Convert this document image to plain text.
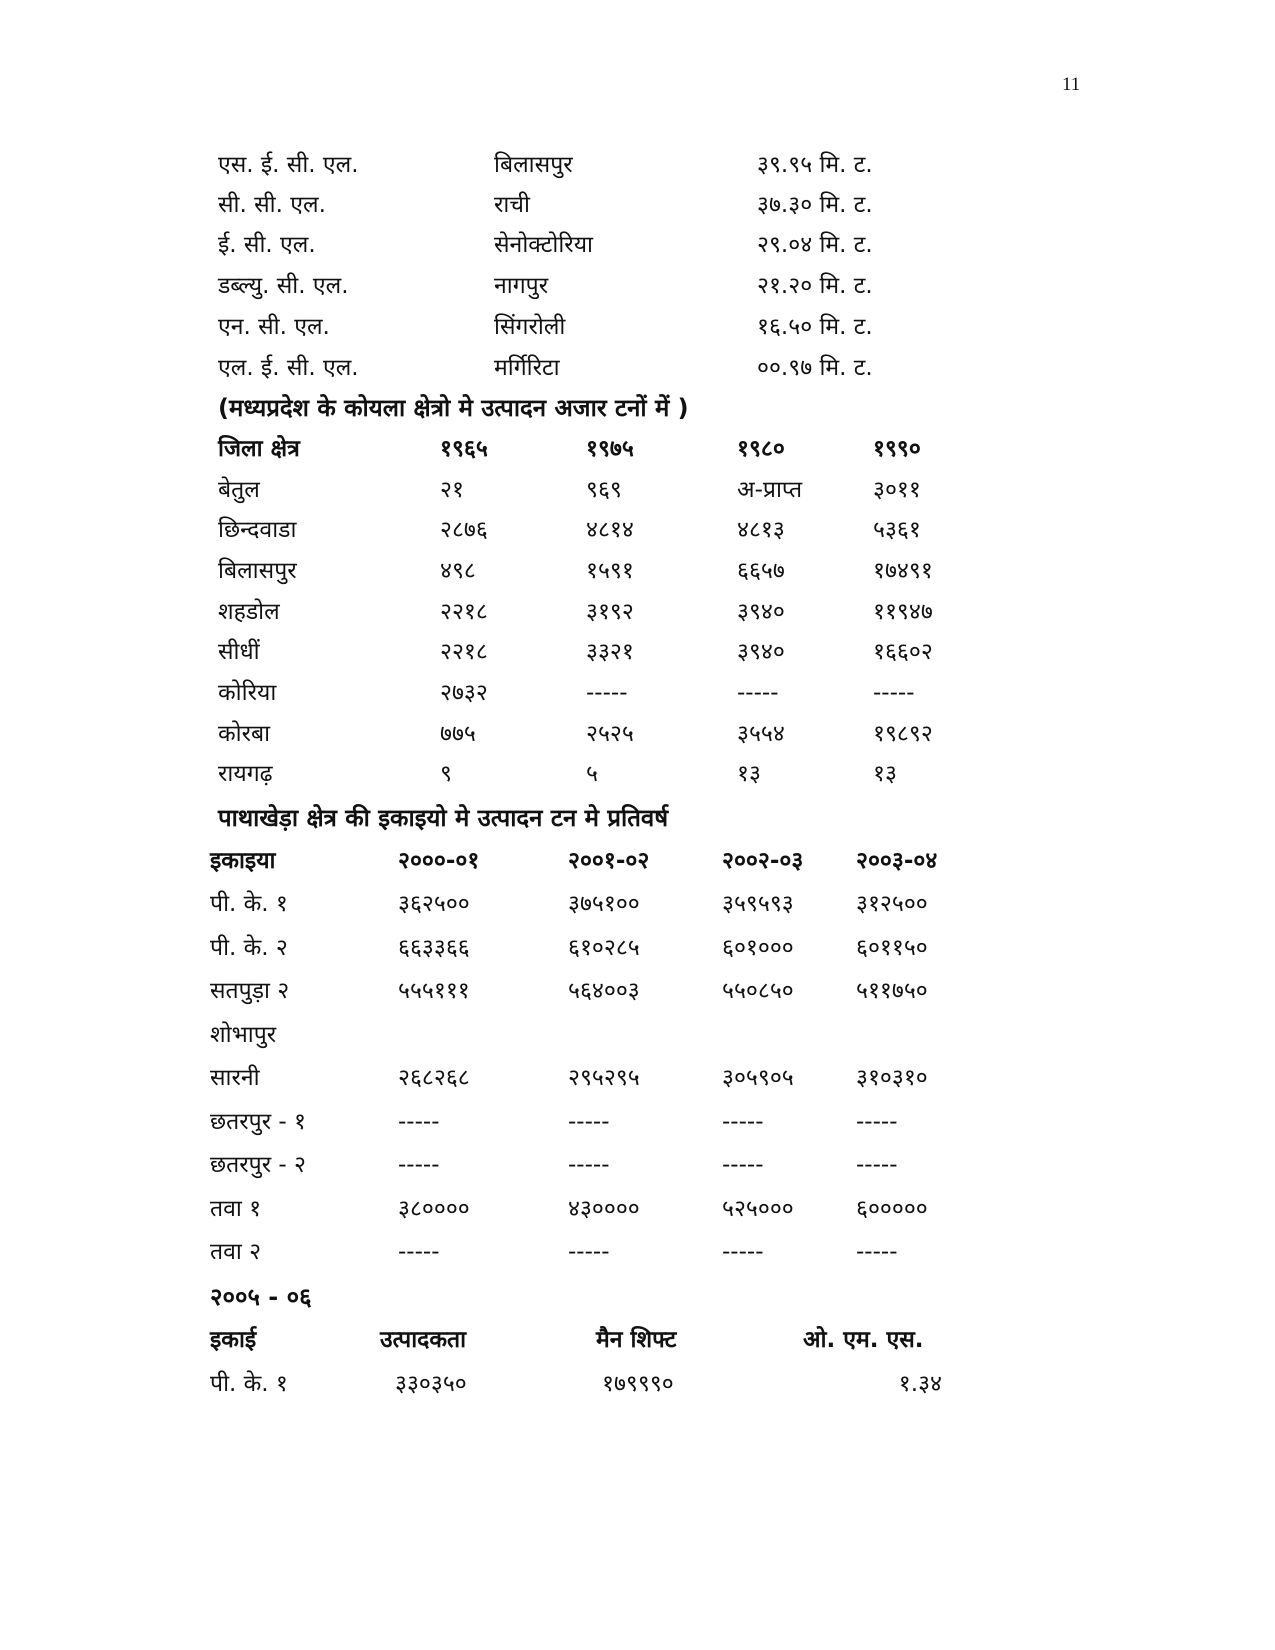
11
एस. ई. सी. एल.	बिलासपुर	३९.९५ मि. ट.
सी. सी. एल.	राची	३७.३० मि. ट.
ई. सी. एल.	सेनोक्टोरिया	२९.०४ मि. ट.
डब्ल्यु. सी. एल.	नागपुर	२१.२० मि. ट.
एन. सी. एल.	सिंगरोली	१६.५० मि. ट.
एल. ई. सी. एल.	मर्गिरिटा	००.९७ मि. ट.
(मध्यप्रदेश के कोयला क्षेत्रो मे उत्पादन अजार टनों में )
जिला क्षेत्र	१९६५	१९७५	१९८०	१९९०
बेतुल	२१	९६९	अ-प्राप्त	३०११
छिन्दवाडा	२८७६	४८१४	४८१३	५३६१
बिलासपुर	४९८	१५९१	६६५७	१७४९१
शहडोल	२२१८	३१९२	३९४०	११९४७
सीधीं	२२१८	३३२१	३९४०	१६६०२
कोरिया	२७३२	-----	-----	-----
कोरबा	७७५	२५२५	३५५४	१९८९२
रायगढ़	९	५	१३	१३
पाथाखेड़ा क्षेत्र की इकाइयो मे उत्पादन टन मे प्रतिवर्ष
इकाइया	२०००-०१	२००१-०२	२००२-०३ २००३-०४
पी. के. १	३६२५००	३७५१००	३५९५९३	३१२५००
पी. के. २	६६३३६६	६१०२८५	६०१०००	६०११५०
सतपुड़ा २	५५५१११	५६४००३	५५०८५०	५११७५०
शोभापुर
सारनी	२६८२६८	२९५२९५	३०५९०५	३१०३१०
छतरपुर - १	-----	-----	-----	-----
छतरपुर - २	-----	-----	-----	-----
तवा १	३८००००	४३००००	५२५०००	६०००००
तवा २	-----	-----	-----	-----
२००५ - ०६
इकाई	उत्पादकता	मैन शिफ्ट	ओ. एम. एस.
पी. के. १	३३०३५०	१७९९९०	१.३४
